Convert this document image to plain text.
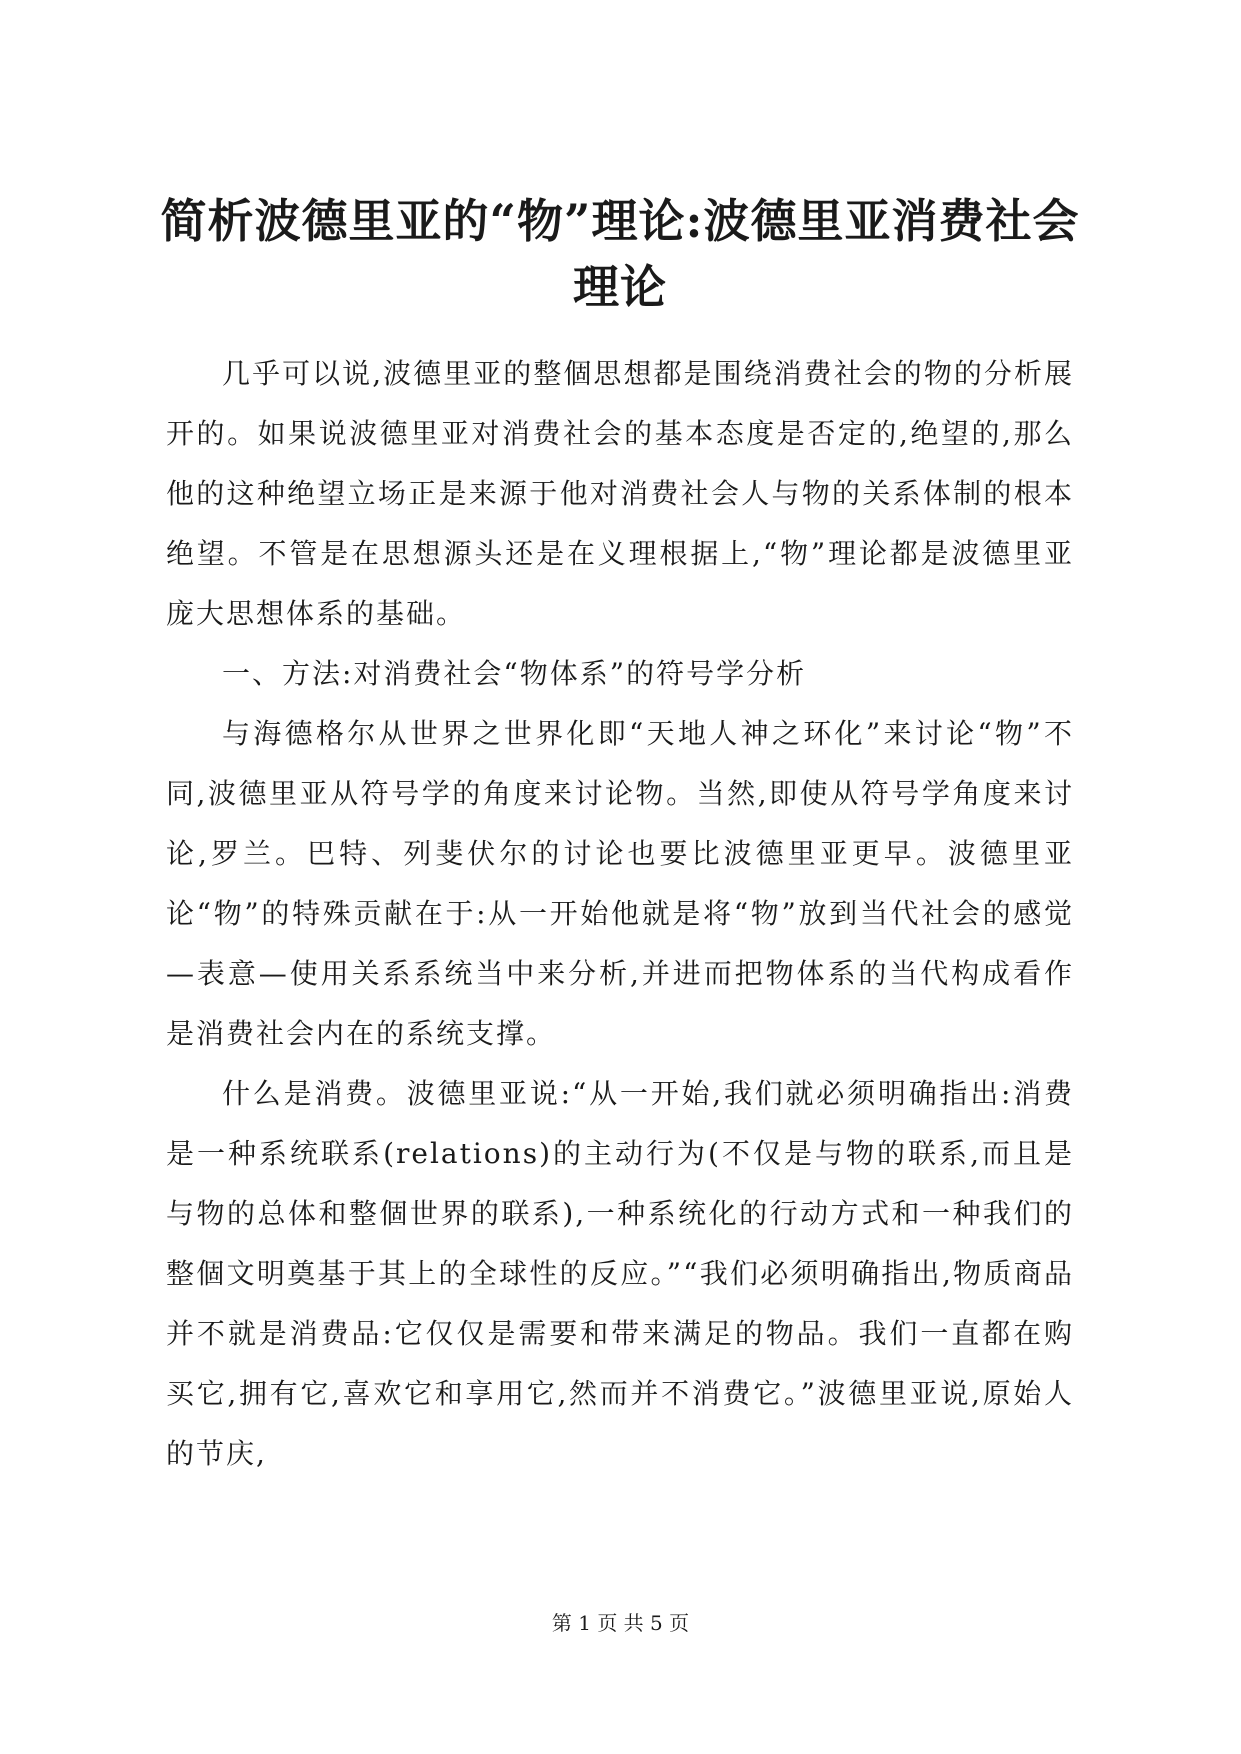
简析波德里亚的“物”理论:波德里亚消费社会理论

几乎可以说,波德里亚的整個思想都是围绕消费社会的物的分析展开的。如果说波德里亚对消费社会的基本态度是否定的,绝望的,那么他的这种绝望立场正是来源于他对消费社会人与物的关系体制的根本绝望。不管是在思想源头还是在义理根据上,“物”理论都是波德里亚庞大思想体系的基础。

一、方法:对消费社会“物体系”的符号学分析

与海德格尔从世界之世界化即“天地人神之环化”来讨论“物”不同,波德里亚从符号学的角度来讨论物。当然,即使从符号学角度来讨论,罗兰。巴特、列斐伏尔的讨论也要比波德里亚更早。波德里亚论“物”的特殊贡献在于:从一开始他就是将“物”放到当代社会的感觉—表意—使用关系系统当中来分析,并进而把物体系的当代构成看作是消费社会内在的系统支撑。

什么是消费。波德里亚说:“从一开始,我们就必须明确指出:消费是一种系统联系(relations)的主动行为(不仅是与物的联系,而且是与物的总体和整個世界的联系),一种系统化的行动方式和一种我们的整個文明奠基于其上的全球性的反应。”“我们必须明确指出,物质商品并不就是消费品:它仅仅是需要和带来满足的物品。我们一直都在购买它,拥有它,喜欢它和享用它,然而并不消费它。”波德里亚说,原始人的节庆,

第 1 页 共 5 页
